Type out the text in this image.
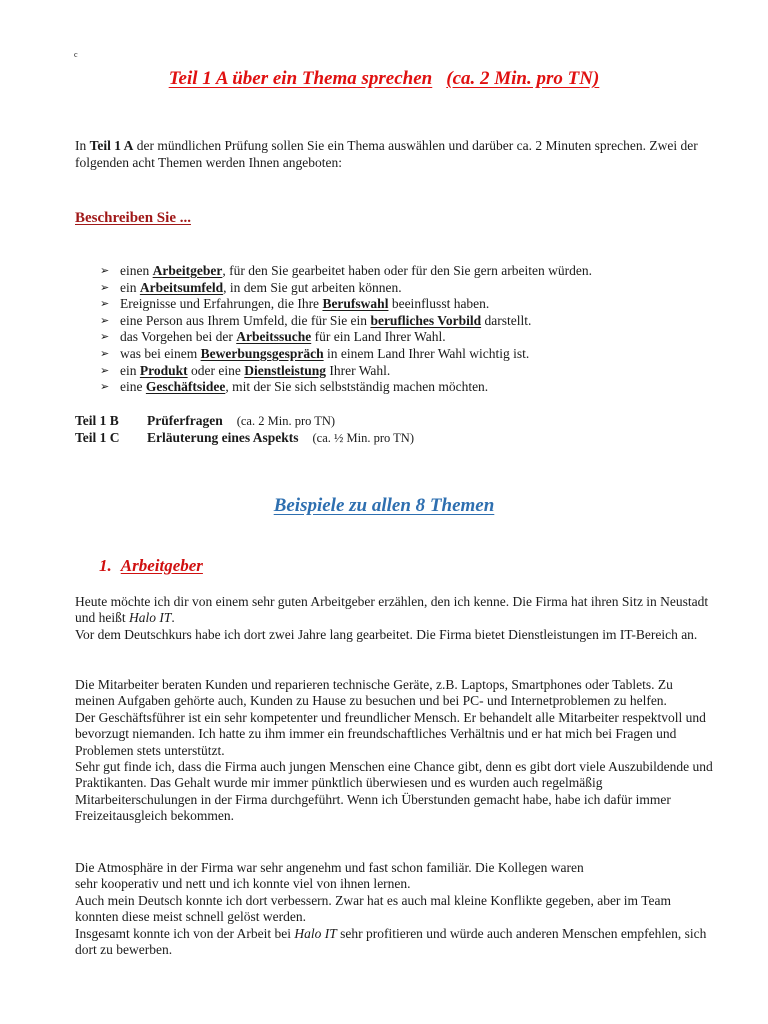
c
Teil 1 A über ein Thema sprechen (ca. 2 Min. pro TN)
In Teil 1 A der mündlichen Prüfung sollen Sie ein Thema auswählen und darüber ca. 2 Minuten sprechen. Zwei der folgenden acht Themen werden Ihnen angeboten:
Beschreiben Sie ...
➢ einen Arbeitgeber, für den Sie gearbeitet haben oder für den Sie gern arbeiten würden.
➢ ein Arbeitsumfeld, in dem Sie gut arbeiten können.
➢ Ereignisse und Erfahrungen, die Ihre Berufswahl beeinflusst haben.
➢ eine Person aus Ihrem Umfeld, die für Sie ein berufliches Vorbild darstellt.
➢ das Vorgehen bei der Arbeitssuche für ein Land Ihrer Wahl.
➢ was bei einem Bewerbungsgespräch in einem Land Ihrer Wahl wichtig ist.
➢ ein Produkt oder eine Dienstleistung Ihrer Wahl.
➢ eine Geschäftsidee, mit der Sie sich selbstständig machen möchten.
Teil 1 B Prüferfragen (ca. 2 Min. pro TN)
Teil 1 C Erläuterung eines Aspekts (ca. ½ Min. pro TN)
Beispiele zu allen 8 Themen
1. Arbeitgeber

Heute möchte ich dir von einem sehr guten Arbeitgeber erzählen, den ich kenne. Die Firma hat ihren Sitz in Neustadt und heißt Halo IT.
Vor dem Deutschkurs habe ich dort zwei Jahre lang gearbeitet. Die Firma bietet Dienstleistungen im IT-Bereich an.

Die Mitarbeiter beraten Kunden und reparieren technische Geräte, z.B. Laptops, Smartphones oder Tablets. Zu meinen Aufgaben gehörte auch, Kunden zu Hause zu besuchen und bei PC- und Internetproblemen zu helfen.
Der Geschäftsführer ist ein sehr kompetenter und freundlicher Mensch. Er behandelt alle Mitarbeiter respektvoll und bevorzugt niemanden. Ich hatte zu ihm immer ein freundschaftliches Verhältnis und er hat mich bei Fragen und Problemen stets unterstützt.
Sehr gut finde ich, dass die Firma auch jungen Menschen eine Chance gibt, denn es gibt dort viele Auszubildende und Praktikanten. Das Gehalt wurde mir immer pünktlich überwiesen und es wurden auch regelmäßig Mitarbeiterschulungen in der Firma durchgeführt. Wenn ich Überstunden gemacht habe, habe ich dafür immer Freizeitausgleich bekommen.

Die Atmosphäre in der Firma war sehr angenehm und fast schon familiär. Die Kollegen waren
sehr kooperativ und nett und ich konnte viel von ihnen lernen.
Auch mein Deutsch konnte ich dort verbessern. Zwar hat es auch mal kleine Konflikte gegeben, aber im Team konnten diese meist schnell gelöst werden.
Insgesamt konnte ich von der Arbeit bei Halo IT sehr profitieren und würde auch anderen Menschen empfehlen, sich dort zu bewerben.
